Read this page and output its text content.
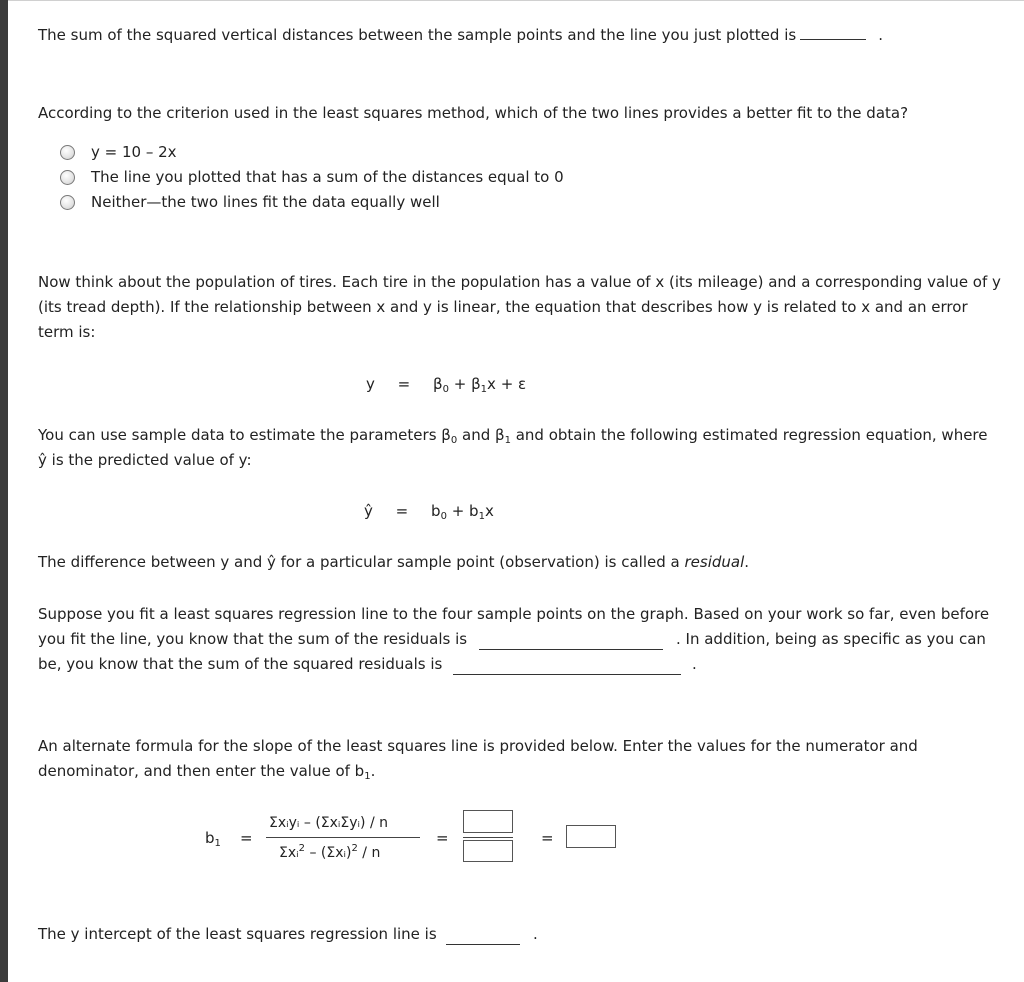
The sum of the squared vertical distances between the sample points and the line you just plotted is	.
According to the criterion used in the least squares method, which of the two lines provides a better fit to the data?
y = 10 – 2x
The line you plotted that has a sum of the distances equal to 0
Neither—the two lines fit the data equally well
Now think about the population of tires. Each tire in the population has a value of x (its mileage) and a corresponding value of y (its tread depth). If the relationship between x and y is linear, the equation that describes how y is related to x and an error term is:
$y = \beta_0 + \beta_1x + \varepsilon$
You can use sample data to estimate the parameters $\beta_0$ and $\beta_1$ and obtain the following estimated regression equation, where
ŷ is the predicted value of y:
ŷ = $b_0 + b_1x$
The difference between y and ŷ for a particular sample point (observation) is called a residual.
Suppose you fit a least squares regression line to the four sample points on the graph. Based on your work so far, even before
you fit the line, you know that the sum of the residuals is	. In addition, being as specific as you can
be, you know that the sum of the squared residuals is	.
An alternate formula for the slope of the least squares line is provided below. Enter the values for the numerator and
denominator, and then enter the value of $b_1$.
$b_1$ =
Σxᵢyᵢ – (ΣxᵢΣyᵢ) / n
Σxᵢ$^2$ – (Σxᵢ)$^2$ / n
=	=
The y intercept of the least squares regression line is	.
